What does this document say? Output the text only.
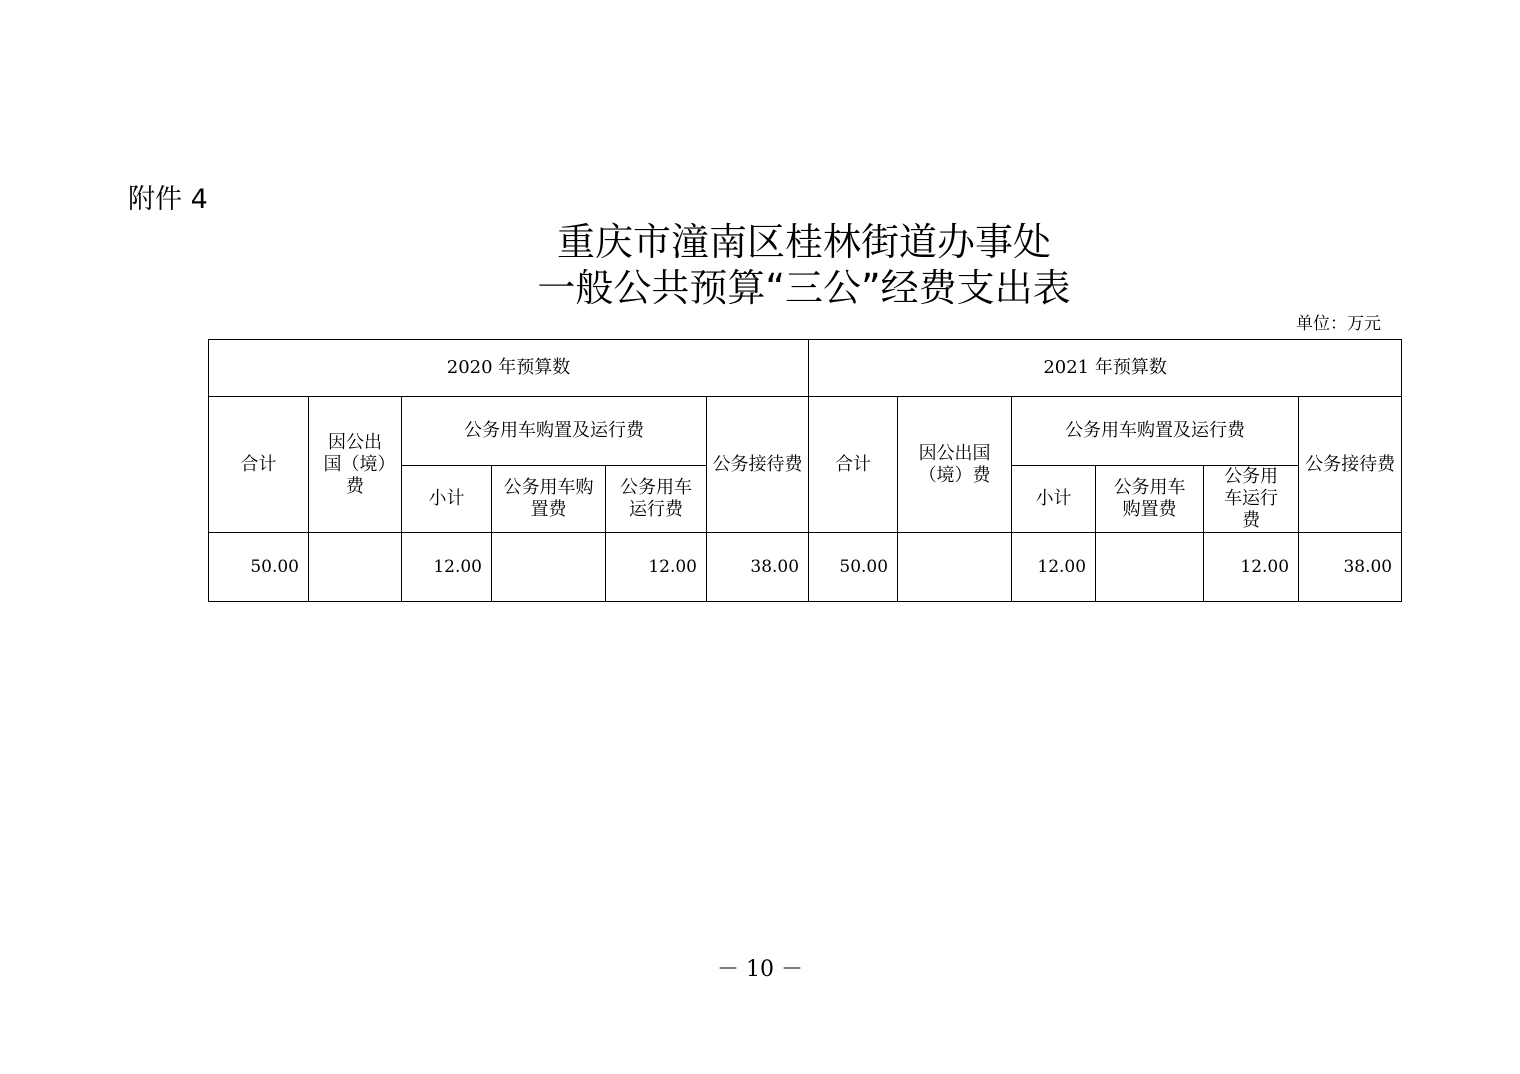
附件 4
重庆市潼南区桂林街道办事处
一般公共预算“三公”经费支出表
单位：万元
2020 年预算数						2021 年预算数					
合计	因公出国（境）费	公务用车购置及运行费			公务接待费	合计	因公出国（境）费	公务用车购置及运行费			公务接待费
		小计	公务用车购置费	公务用车运行费				小计	公务用车购置费	公务用车运行费	
50.00		12.00		12.00	38.00	50.00		12.00		12.00	38.00
－ 10 －
